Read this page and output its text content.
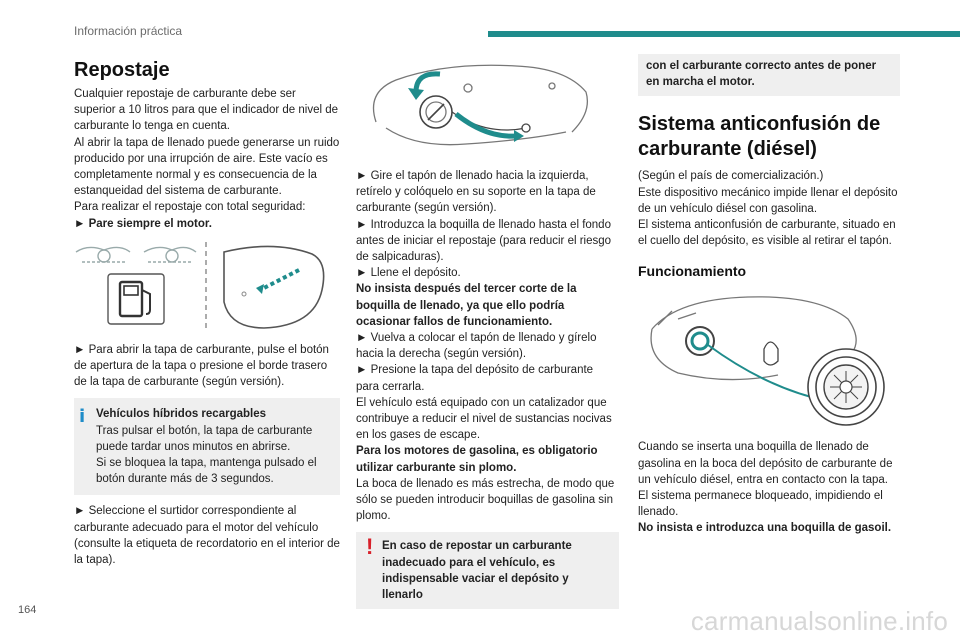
Información práctica
Repostaje
Cualquier repostaje de carburante debe ser superior a 10 litros para que el indicador de nivel de carburante lo tenga en cuenta.
Al abrir la tapa de llenado puede generarse un ruido producido por una irrupción de aire. Este vacío es completamente normal y es consecuencia de la estanqueidad del sistema de carburante.
Para realizar el repostaje con total seguridad:
► Pare siempre el motor.
► Para abrir la tapa de carburante, pulse el botón de apertura de la tapa o presione el borde trasero de la tapa de carburante (según versión).
i Vehículos híbridos recargables
Tras pulsar el botón, la tapa de carburante puede tardar unos minutos en abrirse.
Si se bloquea la tapa, mantenga pulsado el botón durante más de 3 segundos.
► Seleccione el surtidor correspondiente al carburante adecuado para el motor del vehículo (consulte la etiqueta de recordatorio en el interior de la tapa).
► Gire el tapón de llenado hacia la izquierda, retírelo y colóquelo en su soporte en la tapa de carburante (según versión).
► Introduzca la boquilla de llenado hasta el fondo antes de iniciar el repostaje (para reducir el riesgo de salpicaduras).
► Llene el depósito.
No insista después del tercer corte de la boquilla de llenado, ya que ello podría ocasionar fallos de funcionamiento.
► Vuelva a colocar el tapón de llenado y gírelo hacia la derecha (según versión).
► Presione la tapa del depósito de carburante para cerrarla.
El vehículo está equipado con un catalizador que contribuye a reducir el nivel de sustancias nocivas en los gases de escape.
Para los motores de gasolina, es obligatorio utilizar carburante sin plomo.
La boca de llenado es más estrecha, de modo que sólo se pueden introducir boquillas de gasolina sin plomo.
! En caso de repostar un carburante inadecuado para el vehículo, es indispensable vaciar el depósito y llenarlo
con el carburante correcto antes de poner en marcha el motor.
Sistema anticonfusión de carburante (diésel)
(Según el país de comercialización.)
Este dispositivo mecánico impide llenar el depósito de un vehículo diésel con gasolina.
El sistema anticonfusión de carburante, situado en el cuello del depósito, es visible al retirar el tapón.
Funcionamiento
Cuando se inserta una boquilla de llenado de gasolina en la boca del depósito de carburante de un vehículo diésel, entra en contacto con la tapa. El sistema permanece bloqueado, impidiendo el llenado.
No insista e introduzca una boquilla de gasoil.
164	carmanualsonline.info
